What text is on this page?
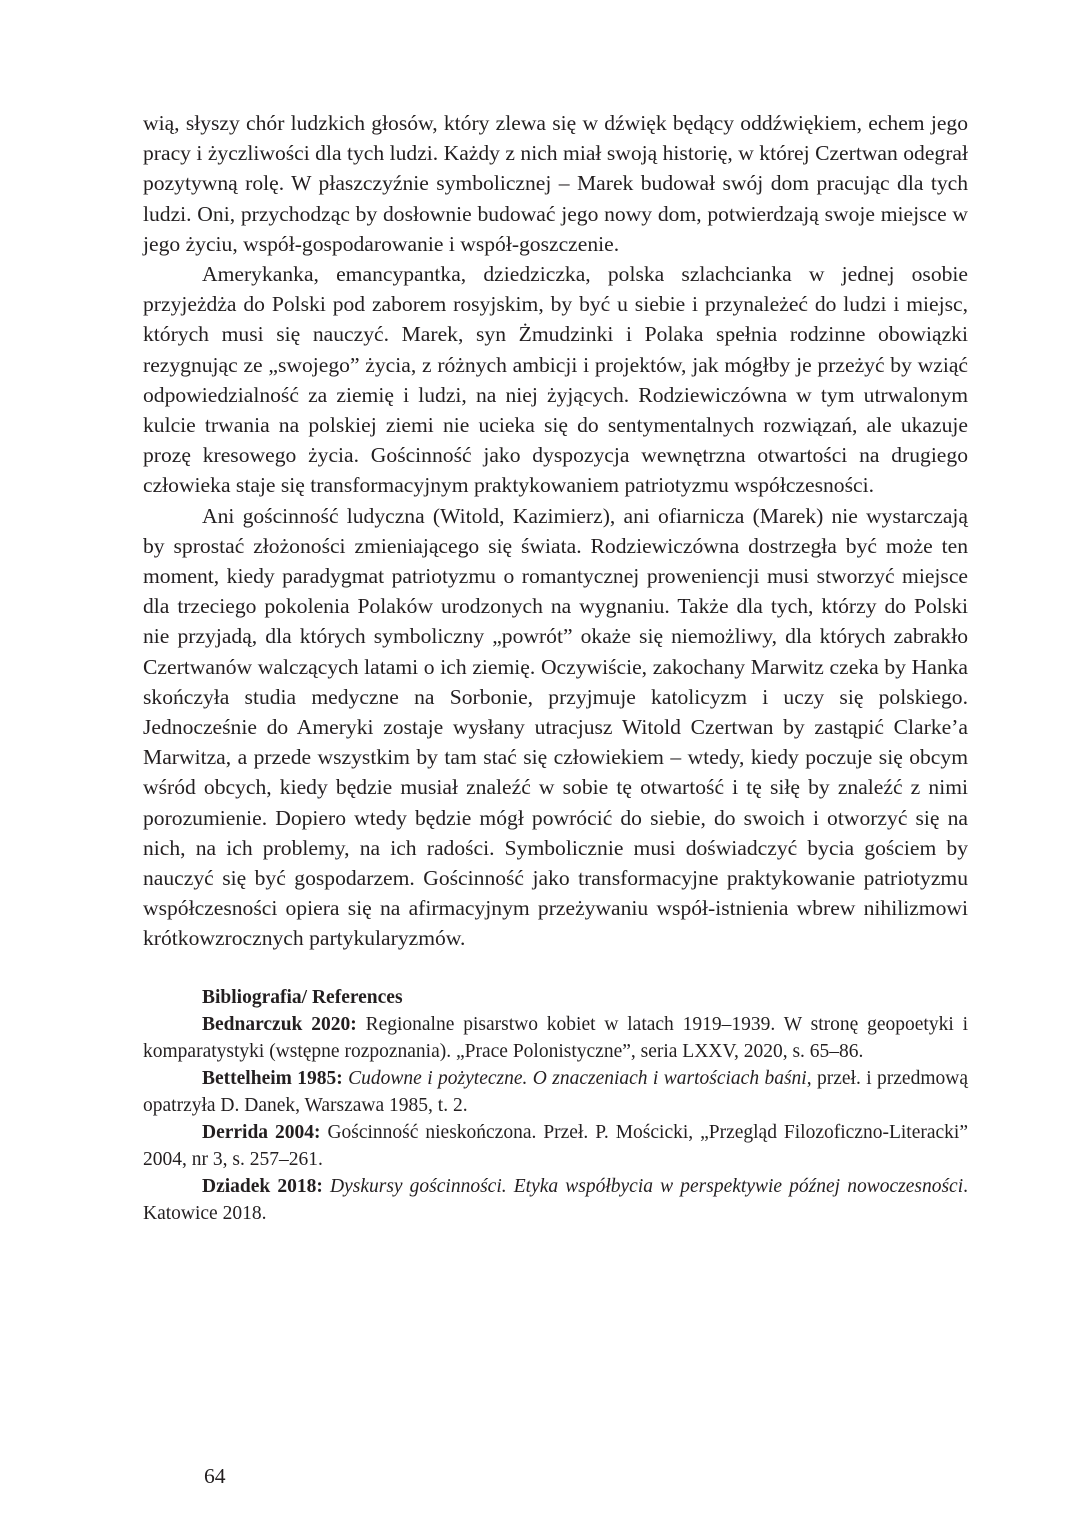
wią, słyszy chór ludzkich głosów, który zlewa się w dźwięk będący oddźwiękiem, echem jego pracy i życzliwości dla tych ludzi. Każdy z nich miał swoją historię, w której Czertwan odegrał pozytywną rolę. W płaszczyźnie symbolicznej – Marek budował swój dom pracując dla tych ludzi. Oni, przychodząc by dosłownie budować jego nowy dom, potwierdzają swoje miejsce w jego życiu, współ-gospodarowanie i współ-goszczenie.

Amerykanka, emancypantka, dziedziczka, polska szlachcianka w jednej osobie przyjeżdża do Polski pod zaborem rosyjskim, by być u siebie i przynależeć do ludzi i miejsc, których musi się nauczyć. Marek, syn Żmudzinki i Polaka spełnia rodzinne obowiązki rezygnując ze „swojego” życia, z różnych ambicji i projektów, jak mógłby je przeżyć by wziąć odpowiedzialność za ziemię i ludzi, na niej żyjących. Rodziewiczówna w tym utrwalonym kulcie trwania na polskiej ziemi nie ucieka się do sentymentalnych rozwiązań, ale ukazuje prozę kresowego życia. Gościnność jako dyspozycja wewnętrzna otwartości na drugiego człowieka staje się transformacyjnym praktykowaniem patriotyzmu współczesności.

Ani gościnność ludyczna (Witold, Kazimierz), ani ofiarnicza (Marek) nie wystarczają by sprostać złożoności zmieniającego się świata. Rodziewiczówna dostrzegła być może ten moment, kiedy paradygmat patriotyzmu o romantycznej proweniencji musi stworzyć miejsce dla trzeciego pokolenia Polaków urodzonych na wygnaniu. Także dla tych, którzy do Polski nie przyjadą, dla których symboliczny „powrót” okaże się niemożliwy, dla których zabrakło Czertwanów walczących latami o ich ziemię. Oczywiście, zakochany Marwitz czeka by Hanka skończyła studia medyczne na Sorbonie, przyjmuje katolicyzm i uczy się polskiego. Jednocześnie do Ameryki zostaje wysłany utracjusz Witold Czertwan by zastąpić Clarke’a Marwitza, a przede wszystkim by tam stać się człowiekiem – wtedy, kiedy poczuje się obcym wśród obcych, kiedy będzie musiał znaleźć w sobie tę otwartość i tę siłę by znaleźć z nimi porozumienie. Dopiero wtedy będzie mógł powrócić do siebie, do swoich i otworzyć się na nich, na ich problemy, na ich radości. Symbolicznie musi doświadczyć bycia gościem by nauczyć się być gospodarzem. Gościnność jako transformacyjne praktykowanie patriotyzmu współczesności opiera się na afirmacyjnym przeżywaniu współ-istnienia wbrew nihilizmowi krótkowzrocznych partykularyzmów.

Bibliografia/ References

Bednarczuk 2020: Regionalne pisarstwo kobiet w latach 1919–1939. W stronę geopoetyki i komparatystyki (wstępne rozpoznania). „Prace Polonistyczne”, seria LXXV, 2020, s. 65–86.

Bettelheim 1985: Cudowne i pożyteczne. O znaczeniach i wartościach baśni, przeł. i przedmową opatrzyła D. Danek, Warszawa 1985, t. 2.

Derrida 2004: Gościnność nieskończona. Przeł. P. Mościcki, „Przegląd Filozoficzno-Literacki” 2004, nr 3, s. 257–261.

Dziadek 2018: Dyskursy gościnności. Etyka współbycia w perspektywie późnej nowoczesności. Katowice 2018.

64
